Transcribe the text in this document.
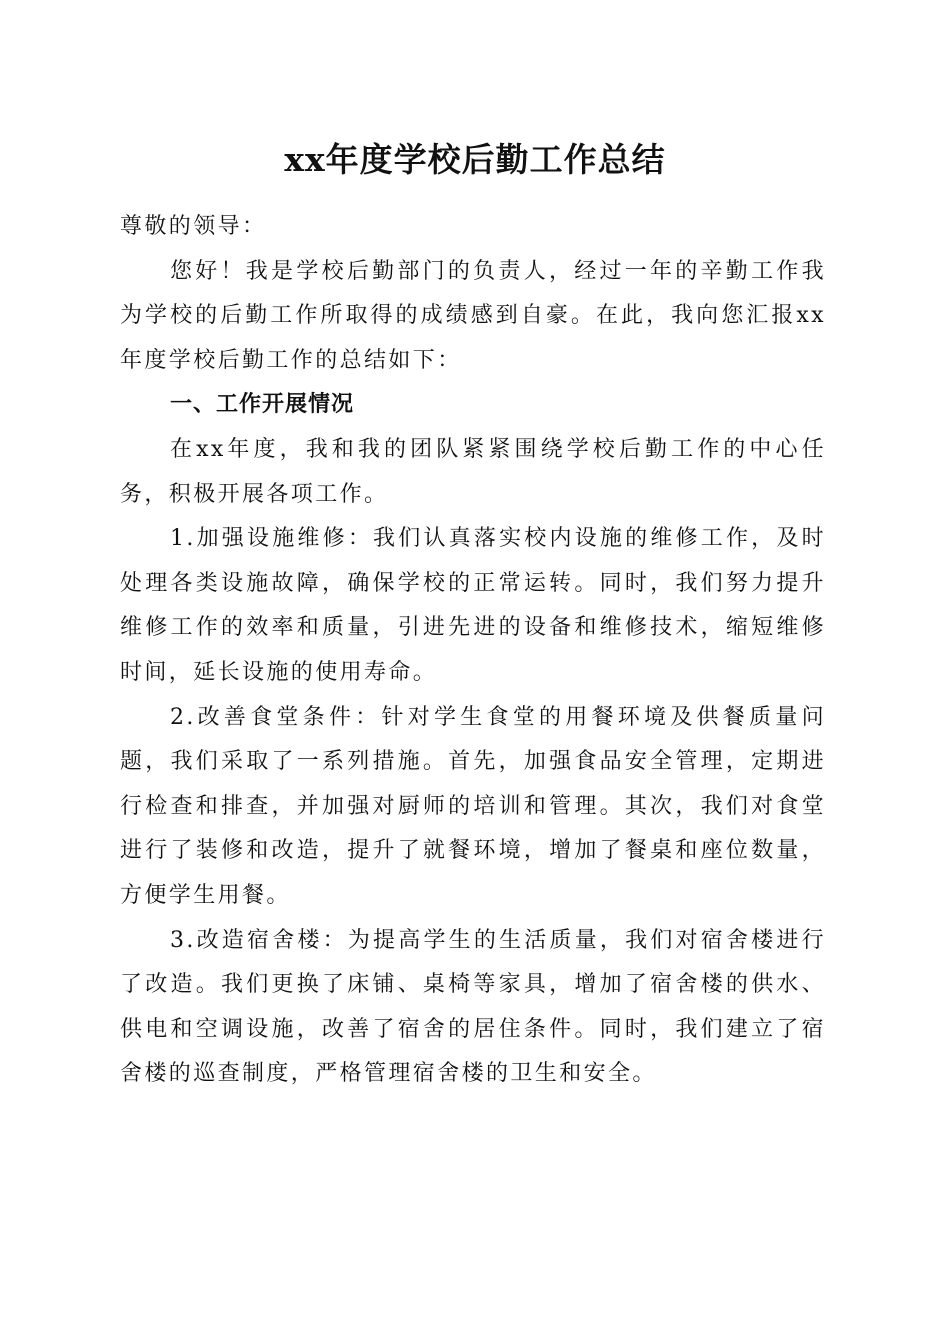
xx年度学校后勤工作总结

尊敬的领导：

您好！我是学校后勤部门的负责人，经过一年的辛勤工作我为学校的后勤工作所取得的成绩感到自豪。在此，我向您汇报xx年度学校后勤工作的总结如下：

一、工作开展情况

在xx年度，我和我的团队紧紧围绕学校后勤工作的中心任务，积极开展各项工作。

1.加强设施维修：我们认真落实校内设施的维修工作，及时处理各类设施故障，确保学校的正常运转。同时，我们努力提升维修工作的效率和质量，引进先进的设备和维修技术，缩短维修时间，延长设施的使用寿命。

2.改善食堂条件：针对学生食堂的用餐环境及供餐质量问题，我们采取了一系列措施。首先，加强食品安全管理，定期进行检查和排查，并加强对厨师的培训和管理。其次，我们对食堂进行了装修和改造，提升了就餐环境，增加了餐桌和座位数量，方便学生用餐。

3.改造宿舍楼：为提高学生的生活质量，我们对宿舍楼进行了改造。我们更换了床铺、桌椅等家具，增加了宿舍楼的供水、供电和空调设施，改善了宿舍的居住条件。同时，我们建立了宿舍楼的巡查制度，严格管理宿舍楼的卫生和安全。
